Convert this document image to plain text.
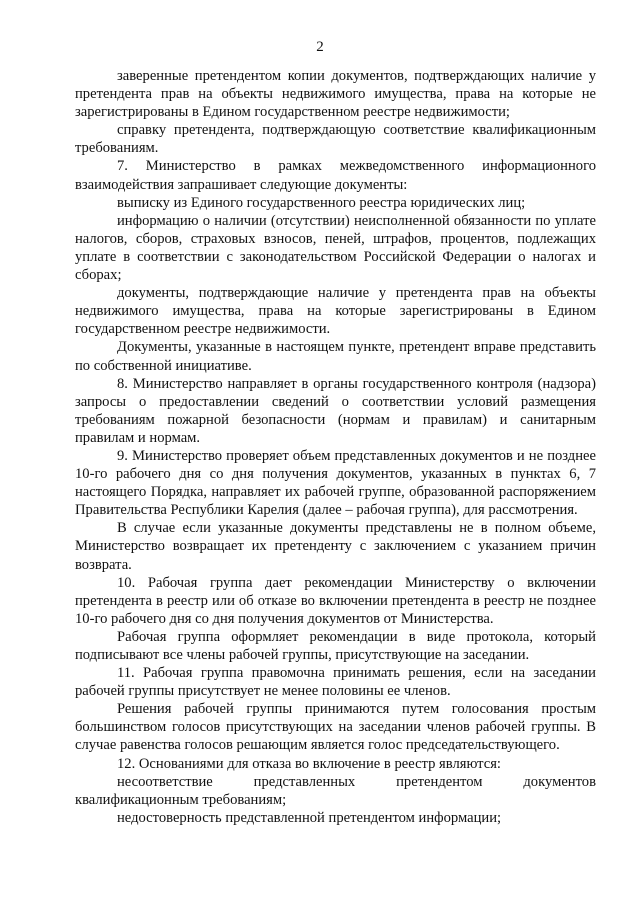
2

заверенные претендентом копии документов, подтверждающих наличие у претендента прав на объекты недвижимого имущества, права на которые не зарегистрированы в Едином государственном реестре недвижимости;

справку претендента, подтверждающую соответствие квалификационным требованиям.

7. Министерство в рамках межведомственного информационного взаимодействия запрашивает следующие документы:

выписку из Единого государственного реестра юридических лиц;

информацию о наличии (отсутствии) неисполненной обязанности по уплате налогов, сборов, страховых взносов, пеней, штрафов, процентов, подлежащих уплате в соответствии с законодательством Российской Федерации о налогах и сборах;

документы, подтверждающие наличие у претендента прав на объекты недвижимого имущества, права на которые зарегистрированы в Едином государственном реестре недвижимости.

Документы, указанные в настоящем пункте, претендент вправе представить по собственной инициативе.

8. Министерство направляет в органы государственного контроля (надзора) запросы о предоставлении сведений о соответствии условий размещения требованиям пожарной безопасности (нормам и правилам) и санитарным правилам и нормам.

9. Министерство проверяет объем представленных документов и не позднее 10-го рабочего дня со дня получения документов, указанных в пунктах 6, 7 настоящего Порядка, направляет их рабочей группе, образованной распоряжением Правительства Республики Карелия (далее – рабочая группа), для рассмотрения.

В случае если указанные документы представлены не в полном объеме, Министерство возвращает их претенденту с заключением с указанием причин возврата.

10. Рабочая группа дает рекомендации Министерству о включении претендента в реестр или об отказе во включении претендента в реестр не позднее 10-го рабочего дня со дня получения документов от Министерства.

Рабочая группа оформляет рекомендации в виде протокола, который подписывают все члены рабочей группы, присутствующие на заседании.

11. Рабочая группа правомочна принимать решения, если на заседании рабочей группы присутствует не менее половины ее членов.

Решения рабочей группы принимаются путем голосования простым большинством голосов присутствующих на заседании членов рабочей группы. В случае равенства голосов решающим является голос председательствующего.

12. Основаниями для отказа во включение в реестр являются:

несоответствие представленных претендентом документов квалификационным требованиям;

недостоверность представленной претендентом информации;
